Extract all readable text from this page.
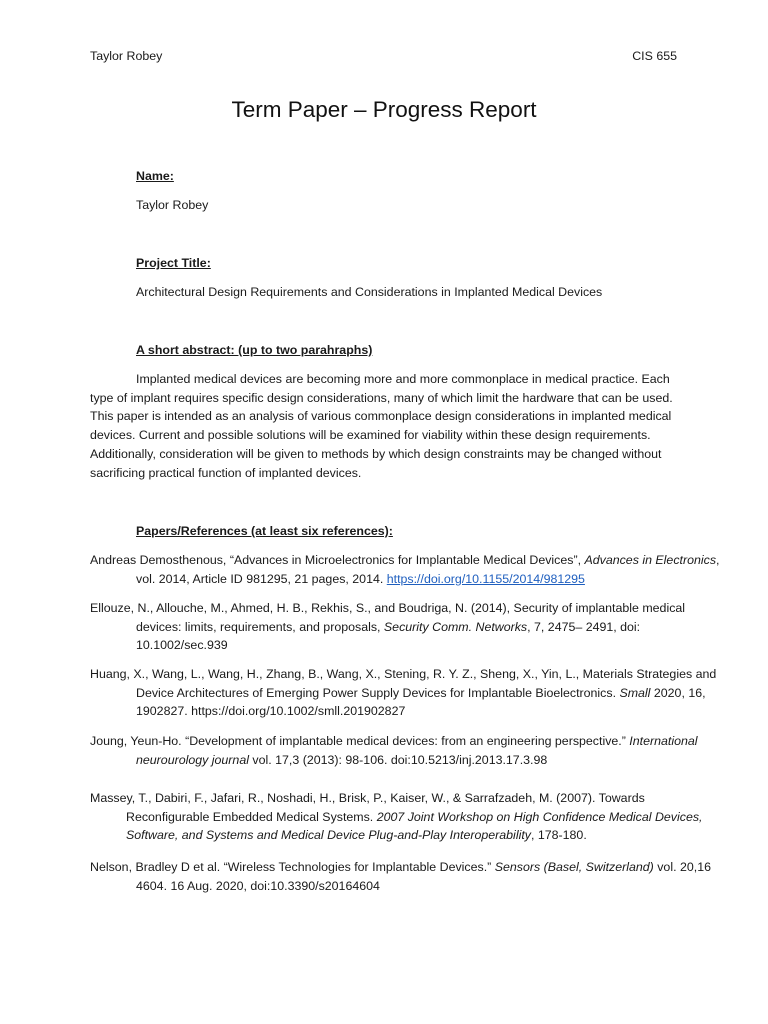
Taylor Robey	CIS 655
Term Paper – Progress Report
Name:
Taylor Robey
Project Title:
Architectural Design Requirements and Considerations in Implanted Medical Devices
A short abstract: (up to two parahraphs)
Implanted medical devices are becoming more and more commonplace in medical practice. Each type of implant requires specific design considerations, many of which limit the hardware that can be used. This paper is intended as an analysis of various commonplace design considerations in implanted medical devices. Current and possible solutions will be examined for viability within these design requirements. Additionally, consideration will be given to methods by which design constraints may be changed without sacrificing practical function of implanted devices.
Papers/References (at least six references):
Andreas Demosthenous, “Advances in Microelectronics for Implantable Medical Devices”, Advances in Electronics, vol. 2014, Article ID 981295, 21 pages, 2014. https://doi.org/10.1155/2014/981295
Ellouze, N., Allouche, M., Ahmed, H. B., Rekhis, S., and Boudriga, N. (2014), Security of implantable medical devices: limits, requirements, and proposals, Security Comm. Networks, 7, 2475– 2491, doi: 10.1002/sec.939
Huang, X., Wang, L., Wang, H., Zhang, B., Wang, X., Stening, R. Y. Z., Sheng, X., Yin, L., Materials Strategies and Device Architectures of Emerging Power Supply Devices for Implantable Bioelectronics. Small 2020, 16, 1902827. https://doi.org/10.1002/smll.201902827
Joung, Yeun-Ho. “Development of implantable medical devices: from an engineering perspective.” International neurourology journal vol. 17,3 (2013): 98-106. doi:10.5213/inj.2013.17.3.98
Massey, T., Dabiri, F., Jafari, R., Noshadi, H., Brisk, P., Kaiser, W., & Sarrafzadeh, M. (2007). Towards Reconfigurable Embedded Medical Systems. 2007 Joint Workshop on High Confidence Medical Devices, Software, and Systems and Medical Device Plug-and-Play Interoperability, 178-180.
Nelson, Bradley D et al. “Wireless Technologies for Implantable Devices.” Sensors (Basel, Switzerland) vol. 20,16 4604. 16 Aug. 2020, doi:10.3390/s20164604
